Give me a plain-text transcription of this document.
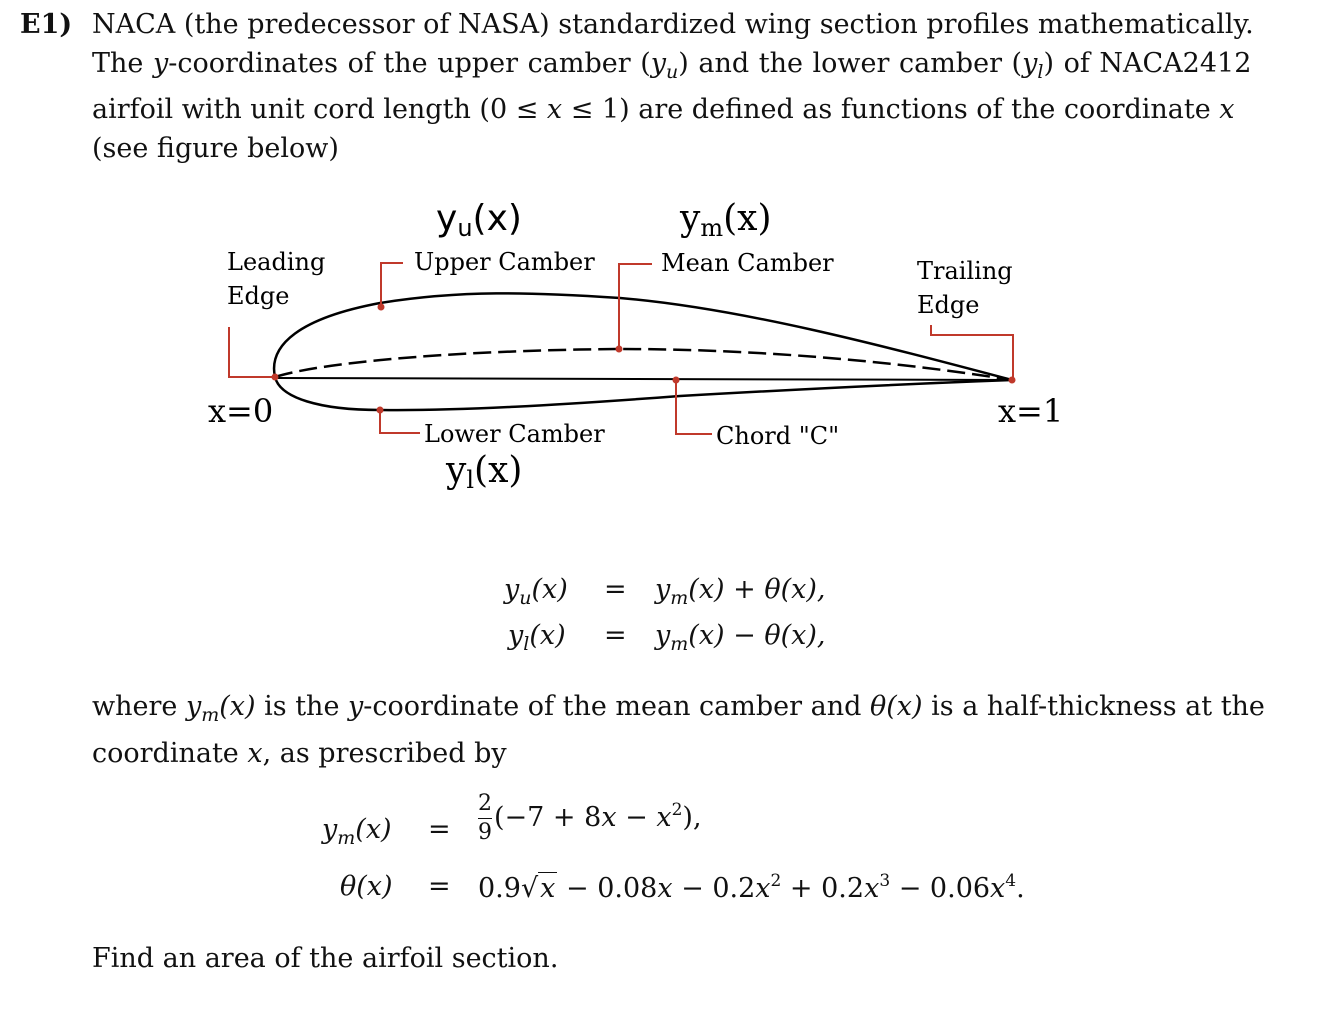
E1) NACA (the predecessor of NASA) standardized wing section profiles mathematically.
The y-coordinates of the upper camber $(y_u)$ and the lower camber $(y_l)$ of NACA2412
airfoil with unit cord length (0 ≤ x ≤ 1) are defined as functions of the coordinate x
(see figure below)
yu(x)	ym(x)
yl(x)
Leading
Edge
Upper Camber	Mean Camber	Trailing
Edge
Lower Camber	Chord "C"
x=0	x=1
$y_u(x) = y_m(x) + \theta(x)$,
$y_l(x) = y_m(x) - \theta(x)$,
where $y_m(x)$ is the y-coordinate of the mean camber and θ(x) is a half-thickness at the
coordinate x, as prescribed by
$y_m(x) = \frac{2}{9} (-7 + 8x - x^2)$,
$\theta(x) = 0.9√x - 0.08x - 0.2x^2 + 0.2x^3 - 0.06x^4$.
Find an area of the airfoil section.
